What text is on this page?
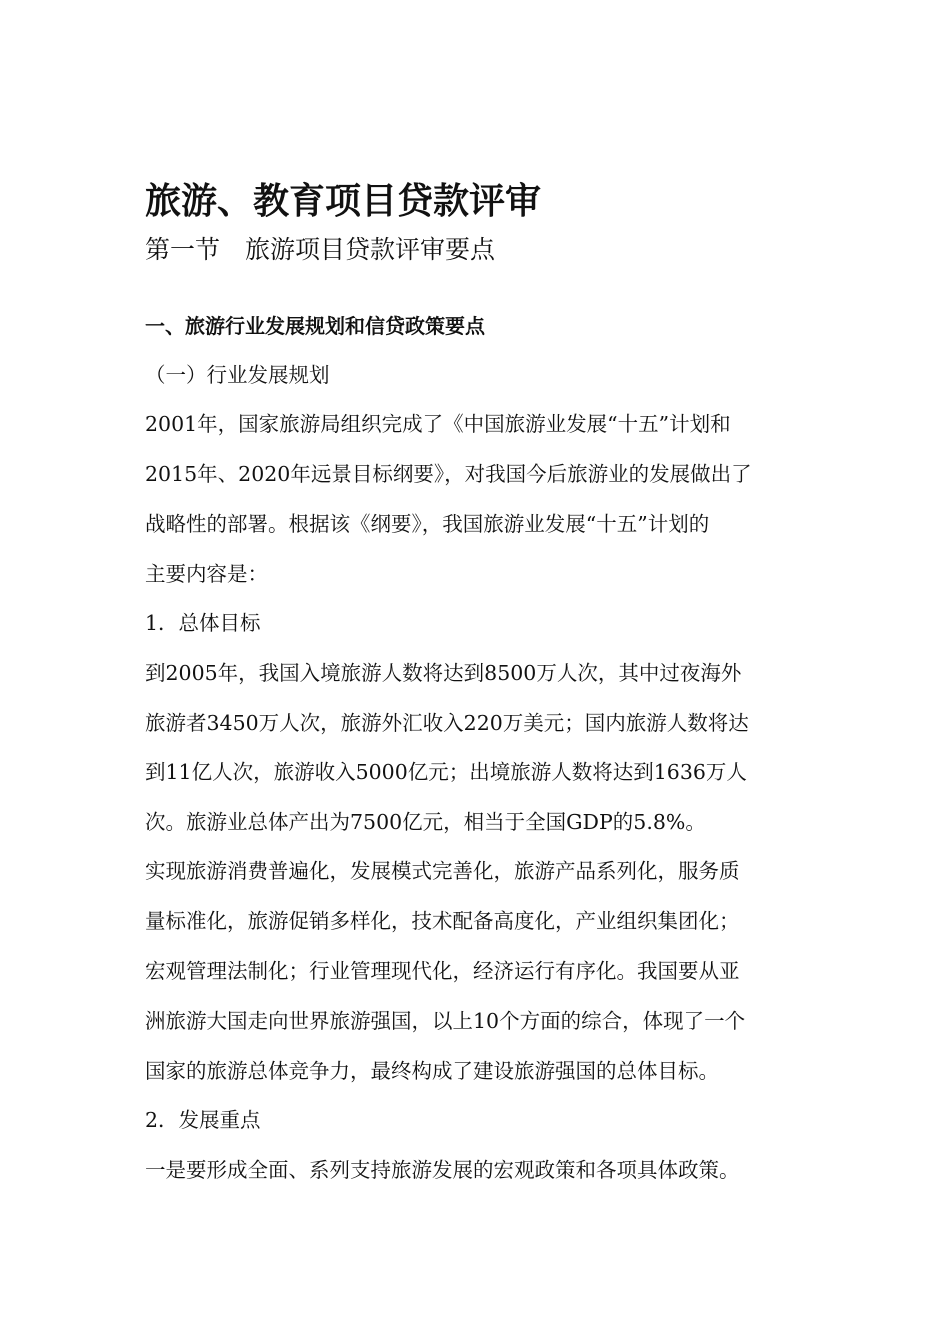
旅游、教育项目贷款评审
第一节　旅游项目贷款评审要点
一、旅游行业发展规划和信贷政策要点
（一）行业发展规划
2001年，国家旅游局组织完成了《中国旅游业发展“十五”计划和
2015年、2020年远景目标纲要》，对我国今后旅游业的发展做出了
战略性的部署。根据该《纲要》，我国旅游业发展“十五”计划的
主要内容是：
1．总体目标
到2005年，我国入境旅游人数将达到8500万人次，其中过夜海外
旅游者3450万人次，旅游外汇收入220万美元；国内旅游人数将达
到11亿人次，旅游收入5000亿元；出境旅游人数将达到1636万人
次。旅游业总体产出为7500亿元，相当于全国GDP的5.8%。
实现旅游消费普遍化，发展模式完善化，旅游产品系列化，服务质
量标准化，旅游促销多样化，技术配备高度化，产业组织集团化；
宏观管理法制化；行业管理现代化，经济运行有序化。我国要从亚
洲旅游大国走向世界旅游强国，以上10个方面的综合，体现了一个
国家的旅游总体竞争力，最终构成了建设旅游强国的总体目标。
2．发展重点
一是要形成全面、系列支持旅游发展的宏观政策和各项具体政策。
